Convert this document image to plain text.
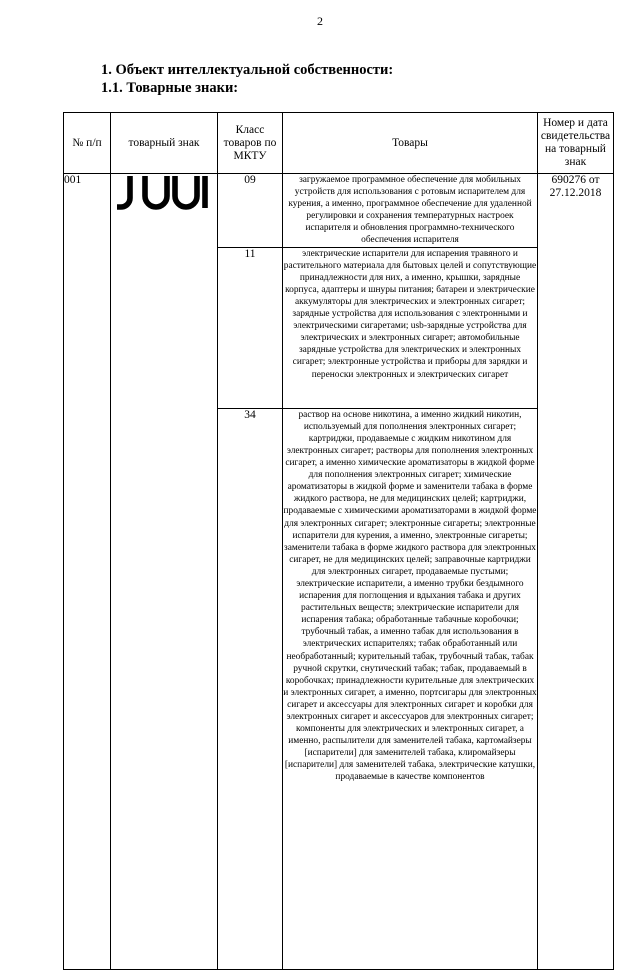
2
1. Объект интеллектуальной собственности:
1.1. Товарные знаки:
№ п/п	товарный знак	Класс товаров по МКТУ	Товары	Номер и дата свидетельства на товарный знак
001		09	загружаемое программное обеспечение для мобильных устройств для использования с ротовым испарителем для курения, а именно, программное обеспечение для удаленной регулировки и сохранения температурных настроек испарителя и обновления программно-технического обеспечения испарителя	690276 от 27.12.2018
		11	электрические испарители для испарения травяного и растительного материала для бытовых целей и сопутствующие принадлежности для них, а именно, крышки, зарядные корпуса, адаптеры и шнуры питания; батареи и электрические аккумуляторы для электрических и электронных сигарет; зарядные устройства для использования с электронными и электрическими сигаретами; usb-зарядные устройства для электрических и электронных сигарет; автомобильные зарядные устройства для электрических и электронных сигарет; электронные устройства и приборы для зарядки и переноски электронных и электрических сигарет	
		34	раствор на основе никотина, а именно жидкий никотин, используемый для пополнения электронных сигарет; картриджи, продаваемые с жидким никотином для электронных сигарет; растворы для пополнения электронных сигарет, а именно химические ароматизаторы в жидкой форме для пополнения электронных сигарет; химические ароматизаторы в жидкой форме и заменители табака в форме жидкого раствора, не для медицинских целей; картриджи, продаваемые с химическими ароматизаторами в жидкой форме для электронных сигарет; электронные сигареты; электронные испарители для курения, а именно, электронные сигареты; заменители табака в форме жидкого раствора для электронных сигарет, не для медицинских целей; заправочные картриджи для электронных сигарет, продаваемые пустыми; электрические испарители, а именно трубки бездымного испарения для поглощения и вдыхания табака и других растительных веществ; электрические испарители для испарения табака; обработанные табачные коробочки; трубочный табак, а именно табак для использования в электрических испарителях; табак обработанный или необработанный; курительный табак, трубочный табак, табак ручной скрутки, снутический табак; табак, продаваемый в коробочках; принадлежности курительные для электрических и электронных сигарет, а именно, портсигары для электронных сигарет и аксессуары для электронных сигарет и коробки для электронных сигарет и аксессуаров для электронных сигарет; компоненты для электрических и электронных сигарет, а именно, распылители для заменителей табака, картомайзеры [испарители] для заменителей табака, клиромайзеры [испарители] для заменителей табака, электрические катушки, продаваемые в качестве компонентов	
